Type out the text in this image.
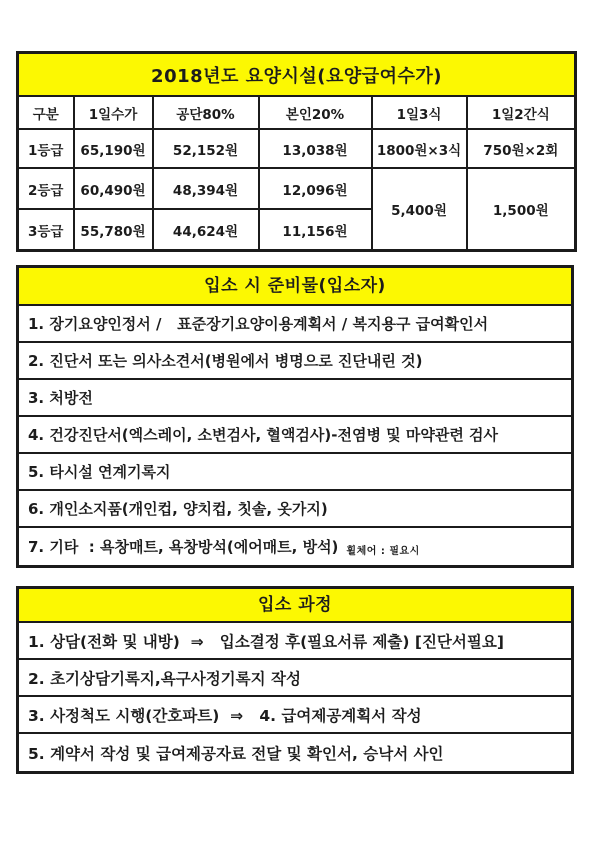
2018년도 요양시설(요양급여수가)					
구분	1일수가	공단80%	본인20%	1일3식	1일2간식
1등급	65,190원	52,152원	13,038원	1800원×3식	750원×2회
2등급	60,490원	48,394원	12,096원	5,400원	1,500원
3등급	55,780원	44,624원	11,156원		
입소 시 준비물(입소자)
1. 장기요양인정서 /   표준장기요양이용계획서 / 복지용구 급여확인서
2. 진단서 또는 의사소견서(병원에서 병명으로 진단내린 것)
3. 처방전
4. 건강진단서(엑스레이, 소변검사, 혈액검사)-전염병 및 마약관련 검사
5. 타시설 연계기록지
6. 개인소지품(개인컵, 양치컵, 칫솔, 옷가지)
7. 기타  : 욕창매트, 욕창방석(에어매트, 방석) 휠체어 : 필요시
입소 과정
1. 상담(전화 및 내방)  ⇒   입소결정 후(필요서류 제출) [진단서필요]
2. 초기상담기록지,욕구사정기록지 작성
3. 사정척도 시행(간호파트)  ⇒   4. 급여제공계획서 작성
5. 계약서 작성 및 급여제공자료 전달 및 확인서, 승낙서 사인
